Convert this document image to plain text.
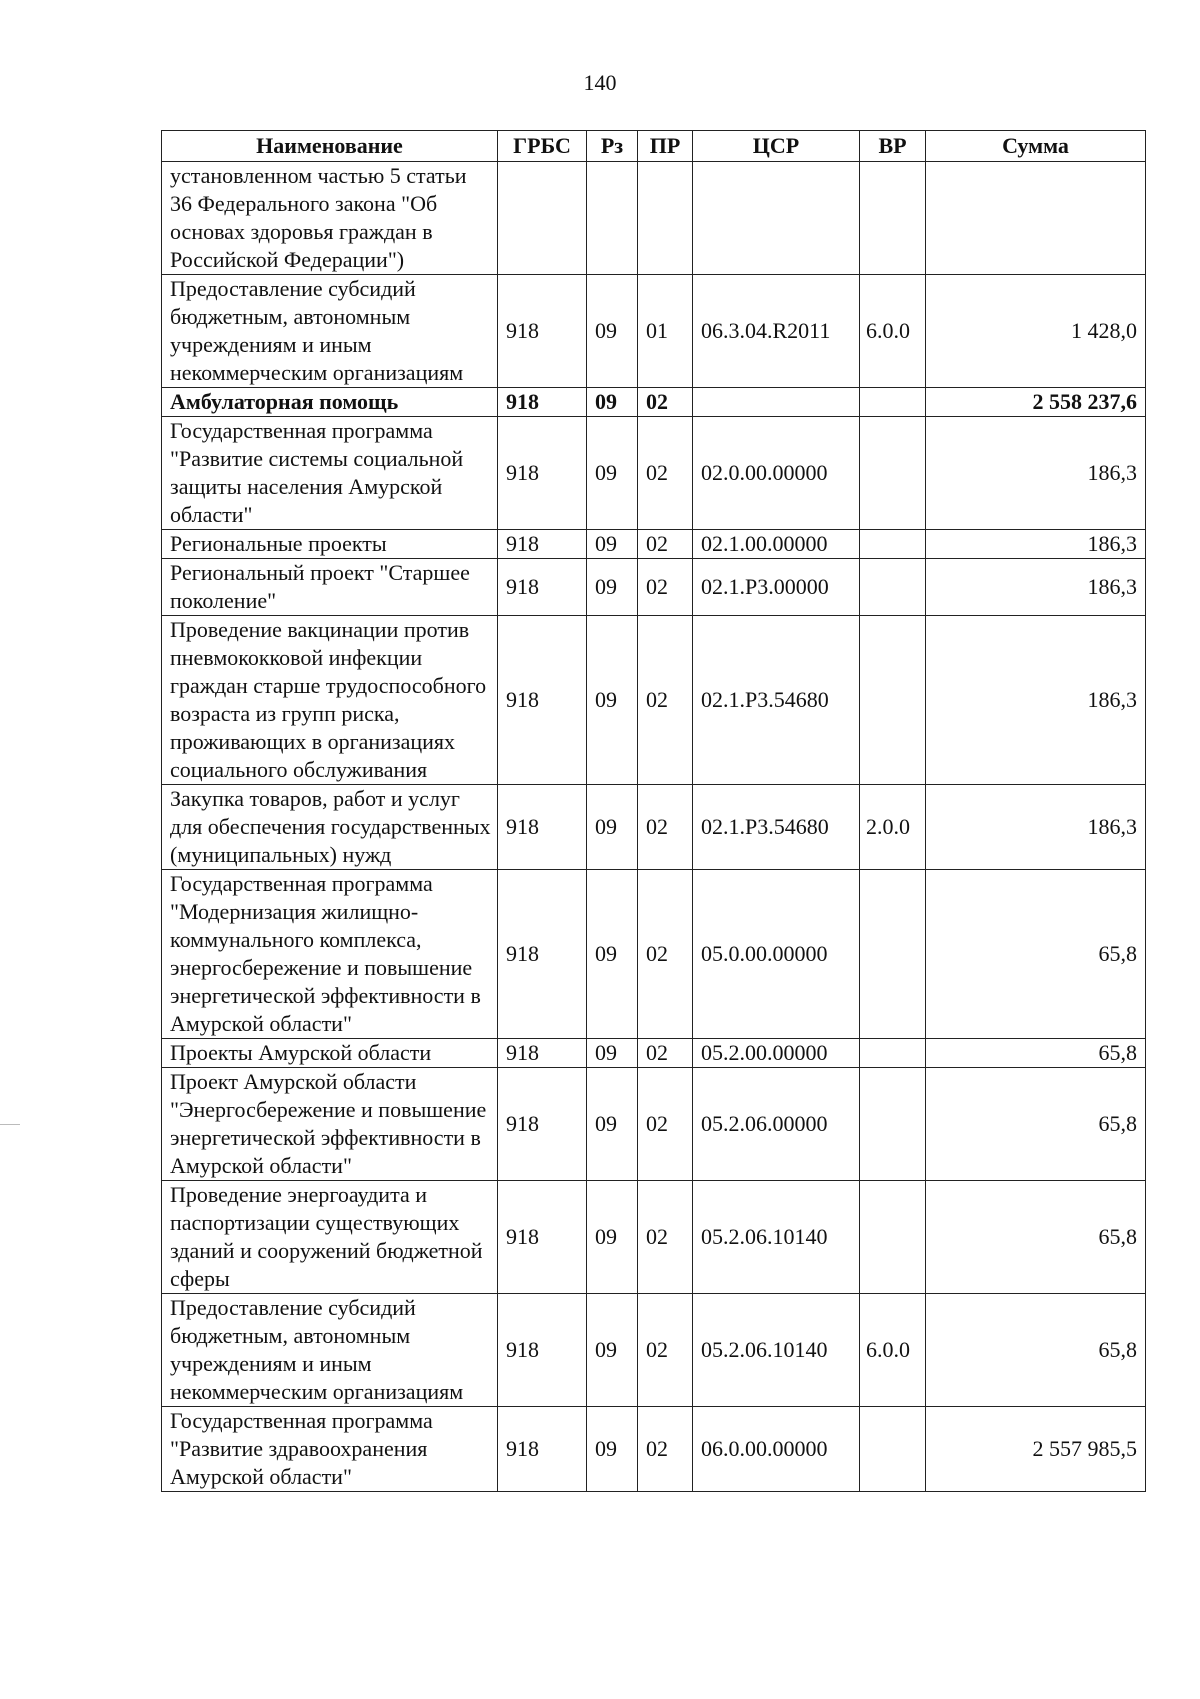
140
Наименование	ГРБС	Рз	ПР	ЦСР	ВР	Сумма
установленном частью 5 статьи 36 Федерального закона "Об основах здоровья граждан в Российской Федерации")						
Предоставление субсидий бюджетным, автономным учреждениям и иным некоммерческим организациям	918	09	01	06.3.04.R2011	6.0.0	1 428,0
Амбулаторная помощь	918	09	02			2 558 237,6
Государственная программа "Развитие системы социальной защиты населения Амурской области"	918	09	02	02.0.00.00000		186,3
Региональные проекты	918	09	02	02.1.00.00000		186,3
Региональный проект "Старшее поколение"	918	09	02	02.1.P3.00000		186,3
Проведение вакцинации против пневмококковой инфекции граждан старше трудоспособного возраста из групп риска, проживающих в организациях социального обслуживания	918	09	02	02.1.P3.54680		186,3
Закупка товаров, работ и услуг для обеспечения государственных (муниципальных) нужд	918	09	02	02.1.P3.54680	2.0.0	186,3
Государственная программа "Модернизация жилищно-коммунального комплекса, энергосбережение и повышение энергетической эффективности в Амурской области"	918	09	02	05.0.00.00000		65,8
Проекты Амурской области	918	09	02	05.2.00.00000		65,8
Проект Амурской области "Энергосбережение и повышение энергетической эффективности в Амурской области"	918	09	02	05.2.06.00000		65,8
Проведение энергоаудита и паспортизации существующих зданий и сооружений бюджетной сферы	918	09	02	05.2.06.10140		65,8
Предоставление субсидий бюджетным, автономным учреждениям и иным некоммерческим организациям	918	09	02	05.2.06.10140	6.0.0	65,8
Государственная программа "Развитие здравоохранения Амурской области"	918	09	02	06.0.00.00000		2 557 985,5
